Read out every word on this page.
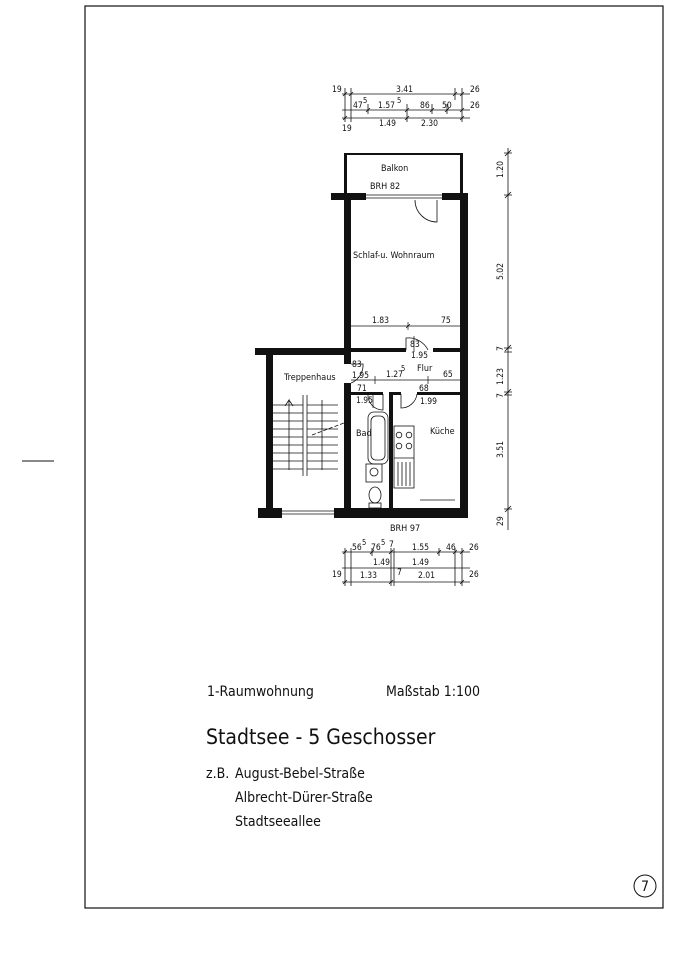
19	3.41	26
47
5
1.57
5
86 50 26
19	1.49	2.30
Balkon
BRH 82
Schlaf-u. Wohnraum
Flur
Treppenhaus
Bad	Küche
BRH 97
1.83	75
83
1.95
83
1.95 1.27
5
65
68
71
1.95	1.99
1.20
5.02
7
1.23
7
3.51
29
56
5
76
5 7 1.55 46 26
1.49	1.49
19 1.33 7 2.01	26
1-Raumwohnung	Maßstab 1:100
Stadtsee - 5 Geschosser
z.B. August-Bebel-Straße
Albrecht-Dürer-Straße
Stadtseeallee
7
